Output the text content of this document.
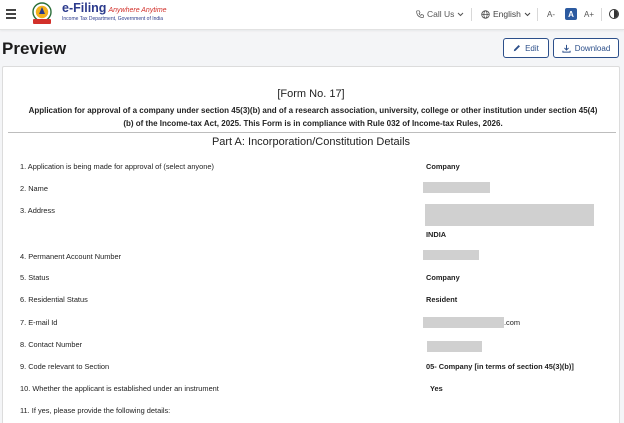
e-Filing Anywhere Anytime
Income Tax Department, Government of India	Call Us	English	A-	A	A+
Preview	Edit	Download
[Form No. 17]
Application for approval of a company under section 45(3)(b) and of a research association, university, college or other institution under section 45(4)
(b) of the Income-tax Act, 2025. This Form is in compliance with Rule 032 of Income-tax Rules, 2026.
Part A: Incorporation/Constitution Details
1. Application is being made for approval of (select anyone)	Company
2. Name
3. Address
INDIA
4. Permanent Account Number
5. Status	Company
6. Residential Status	Resident
7. E-mail Id	.com
8. Contact Number
9. Code relevant to Section	05- Company [in terms of section 45(3)(b)]
10. Whether the applicant is established under an instrument	Yes
11. If yes, please provide the following details:
